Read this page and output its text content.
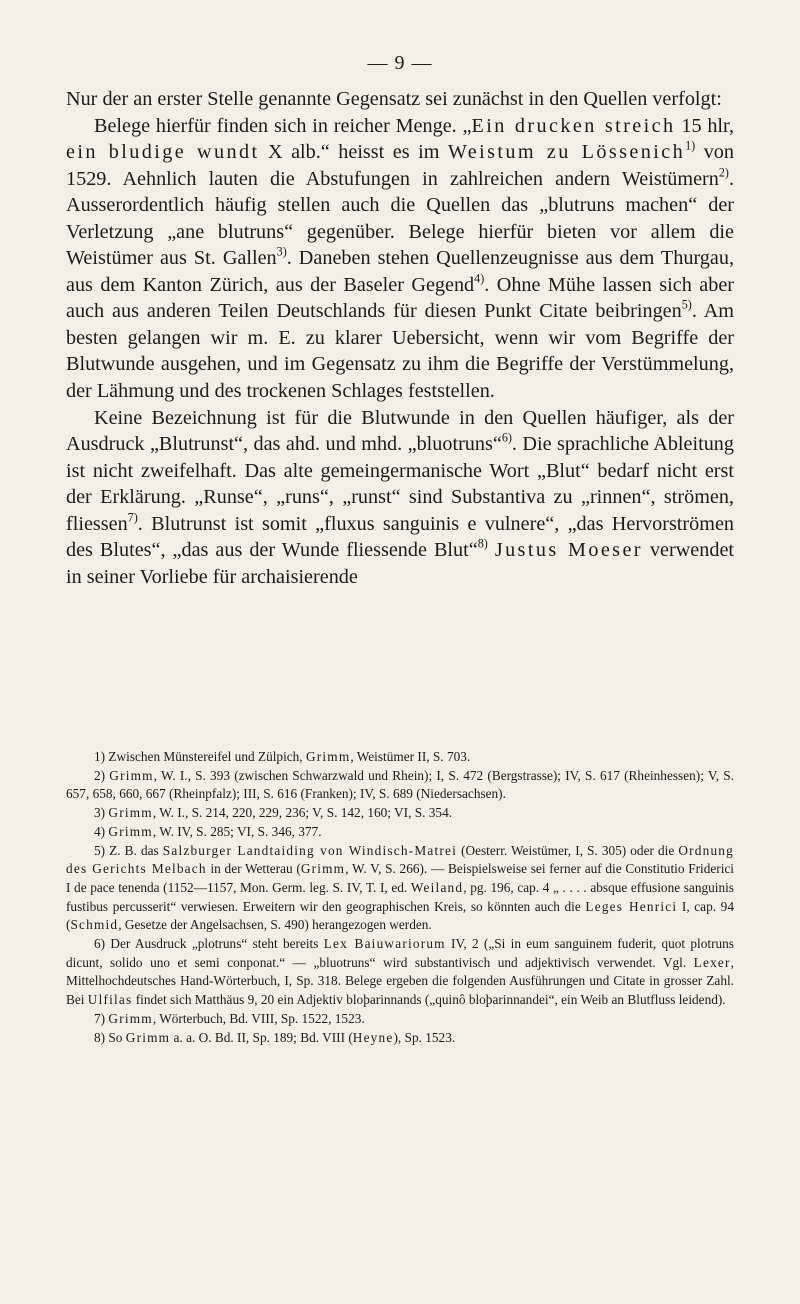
— 9 —

Nur der an erster Stelle genannte Gegensatz sei zunächst in den Quellen verfolgt:

Belege hierfür finden sich in reicher Menge. „Ein drucken streich 15 hlr, ein bludige wundt X alb.“ heisst es im Weistum zu Lössenich$^{1)}$ von 1529. Aehnlich lauten die Abstufungen in zahlreichen andern Weistümern$^{2)}$. Ausserordentlich häufig stellen auch die Quellen das „blutruns machen“ der Verletzung „ane blutruns“ gegenüber. Belege hierfür bieten vor allem die Weistümer aus St. Gallen$^{3)}$. Daneben stehen Quellenzeugnisse aus dem Thurgau, aus dem Kanton Zürich, aus der Baseler Gegend$^{4)}$. Ohne Mühe lassen sich aber auch aus anderen Teilen Deutschlands für diesen Punkt Citate beibringen$^{5)}$. Am besten gelangen wir m. E. zu klarer Uebersicht, wenn wir vom Begriffe der Blutwunde ausgehen, und im Gegensatz zu ihm die Begriffe der Verstümmelung, der Lähmung und des trockenen Schlages feststellen.

Keine Bezeichnung ist für die Blutwunde in den Quellen häufiger, als der Ausdruck „Blutrunst“, das ahd. und mhd. „bluotruns“$^{6)}$. Die sprachliche Ableitung ist nicht zweifelhaft. Das alte gemeingermanische Wort „Blut“ bedarf nicht erst der Erklärung. „Runse“, „runs“, „runst“ sind Substantiva zu „rinnen“, strömen, fliessen$^{7)}$. Blutrunst ist somit „fluxus sanguinis e vulnere“, „das Hervorströmen des Blutes“, „das aus der Wunde fliessende Blut“$^{8)}$ Justus Moeser verwendet in seiner Vorliebe für archaisierende

1) Zwischen Münstereifel und Zülpich, Grimm, Weistümer II, S. 703.

2) Grimm, W. I., S. 393 (zwischen Schwarzwald und Rhein); I, S. 472 (Bergstrasse); IV, S. 617 (Rheinhessen); V, S. 657, 658, 660, 667 (Rheinpfalz); III, S. 616 (Franken); IV, S. 689 (Niedersachsen).

3) Grimm, W. I., S. 214, 220, 229, 236; V, S. 142, 160; VI, S. 354.

4) Grimm, W. IV, S. 285; VI, S. 346, 377.

5) Z. B. das Salzburger Landtaiding von Windisch-Matrei (Oesterr. Weistümer, I, S. 305) oder die Ordnung des Gerichts Melbach in der Wetterau (Grimm, W. V, S. 266). — Beispielsweise sei ferner auf die Constitutio Friderici I de pace tenenda (1152—1157, Mon. Germ. leg. S. IV, T. I, ed. Weiland, pg. 196, cap. 4 „ . . . . absque effusione sanguinis fustibus percusserit“ verwiesen. Erweitern wir den geographischen Kreis, so könnten auch die Leges Henrici I, cap. 94 (Schmid, Gesetze der Angelsachsen, S. 490) herangezogen werden.

6) Der Ausdruck „plotruns“ steht bereits Lex Baiuwariorum IV, 2 („Si in eum sanguinem fuderit, quot plotruns dicunt, solido uno et semi conponat.“ — „bluotruns“ wird substantivisch und adjektivisch verwendet. Vgl. Lexer, Mittelhochdeutsches Hand-Wörterbuch, I, Sp. 318. Belege ergeben die folgenden Ausführungen und Citate in grosser Zahl. Bei Ulfilas findet sich Matthäus 9, 20 ein Adjektiv bloþarinnands („quinô bloþarinnandei“, ein Weib an Blutfluss leidend).

7) Grimm, Wörterbuch, Bd. VIII, Sp. 1522, 1523.

8) So Grimm a. a. O. Bd. II, Sp. 189; Bd. VIII (Heyne), Sp. 1523.
